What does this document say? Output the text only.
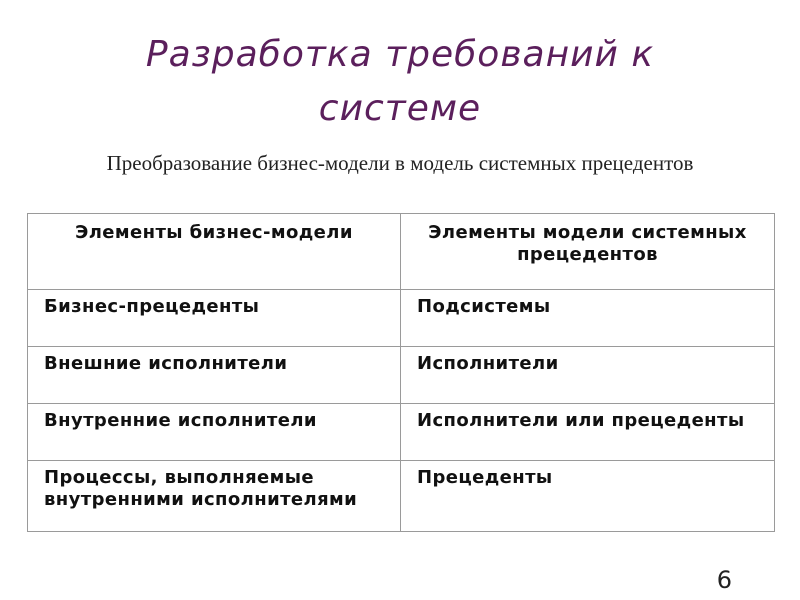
Разработка требований к системе
Преобразование бизнес-модели в модель системных прецедентов
Элементы бизнес-модели	Элементы модели системных прецедентов
Бизнес-прецеденты	Подсистемы
Внешние исполнители	Исполнители
Внутренние исполнители	Исполнители или прецеденты
Процессы, выполняемые внутренними исполнителями	Прецеденты
6
